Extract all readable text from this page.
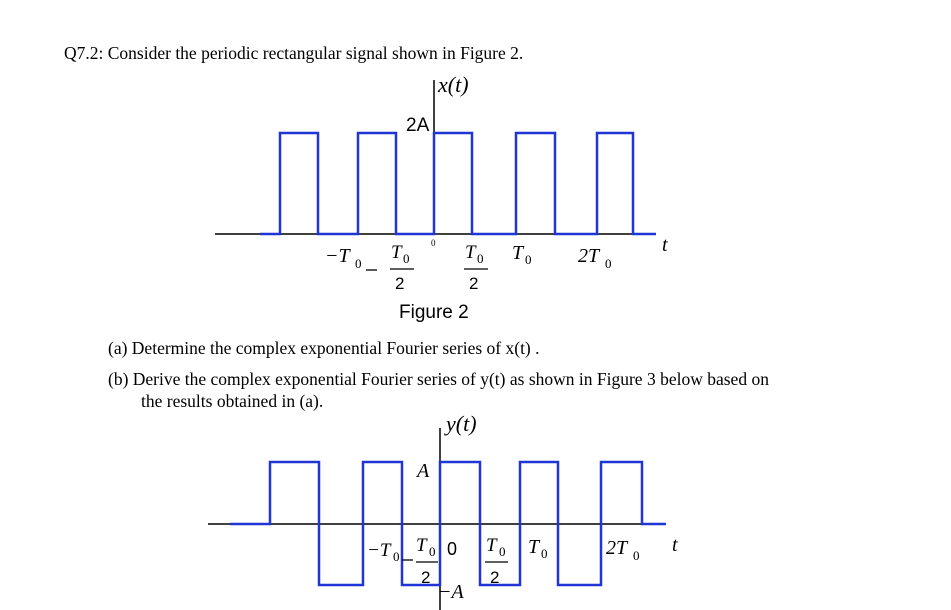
Q7.2: Consider the periodic rectangular signal shown in Figure 2.
(a) Determine the complex exponential Fourier series of x(t) .
(b) Derive the complex exponential Fourier series of y(t) as shown in Figure 3 below based on
the results obtained in (a).
x(t)
2A
t
−T 0
T 0
2
0 T 0
2
T 0 2T 0
Figure 2
y(t)
A
t
−T 0
T 0
2
0 T 0
2
T 0	2T 0
−A
